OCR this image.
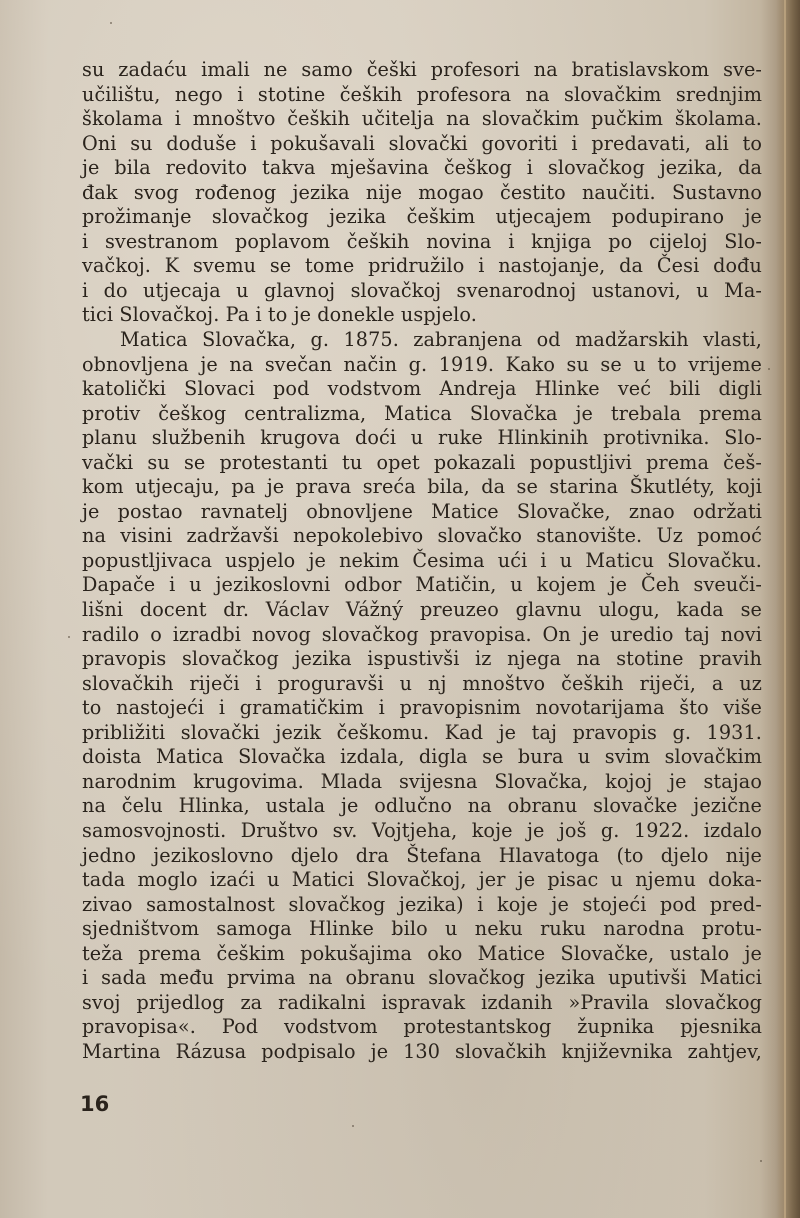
su zadaću imali ne samo češki profesori na bratislavskom sve-
učilištu, nego i stotine čeških profesora na slovačkim srednjim
školama i mnoštvo čeških učitelja na slovačkim pučkim školama.
Oni su doduše i pokušavali slovački govoriti i predavati, ali to
je bila redovito takva mješavina češkog i slovačkog jezika, da
đak svog rođenog jezika nije mogao čestito naučiti. Sustavno
prožimanje slovačkog jezika češkim utjecajem podupirano je
i svestranom poplavom čeških novina i knjiga po cijeloj Slo-
vačkoj. K svemu se tome pridružilo i nastojanje, da Česi dođu
i do utjecaja u glavnoj slovačkoj svenarodnoj ustanovi, u Ma-
tici Slovačkoj. Pa i to je donekle uspjelo.
Matica Slovačka, g. 1875. zabranjena od madžarskih vlasti,
obnovljena je na svečan način g. 1919. Kako su se u to vrijeme
katolički Slovaci pod vodstvom Andreja Hlinke već bili digli
protiv češkog centralizma, Matica Slovačka je trebala prema
planu službenih krugova doći u ruke Hlinkinih protivnika. Slo-
vački su se protestanti tu opet pokazali popustljivi prema češ-
kom utjecaju, pa je prava sreća bila, da se starina Škutléty, koji
je postao ravnatelj obnovljene Matice Slovačke, znao održati
na visini zadržavši nepokolebivo slovačko stanovište. Uz pomoć
popustljivaca uspjelo je nekim Česima ući i u Maticu Slovačku.
Dapače i u jezikoslovni odbor Matičin, u kojem je Čeh sveuči-
lišni docent dr. Václav Vážný preuzeo glavnu ulogu, kada se
radilo o izradbi novog slovačkog pravopisa. On je uredio taj novi
pravopis slovačkog jezika ispustivši iz njega na stotine pravih
slovačkih riječi i proguravši u nj mnoštvo čeških riječi, a uz
to nastojeći i gramatičkim i pravopisnim novotarijama što više
približiti slovački jezik češkomu. Kad je taj pravopis g. 1931.
doista Matica Slovačka izdala, digla se bura u svim slovačkim
narodnim krugovima. Mlada svijesna Slovačka, kojoj je stajao
na čelu Hlinka, ustala je odlučno na obranu slovačke jezične
samosvojnosti. Društvo sv. Vojtjeha, koje je još g. 1922. izdalo
jedno jezikoslovno djelo dra Štefana Hlavatoga (to djelo nije
tada moglo izaći u Matici Slovačkoj, jer je pisac u njemu doka-
zivao samostalnost slovačkog jezika) i koje je stojeći pod pred-
sjedništvom samoga Hlinke bilo u neku ruku narodna protu-
teža prema češkim pokušajima oko Matice Slovačke, ustalo je
i sada među prvima na obranu slovačkog jezika uputivši Matici
svoj prijedlog za radikalni ispravak izdanih »Pravila slovačkog
pravopisa«. Pod vodstvom protestantskog župnika pjesnika
Martina Rázusa podpisalo je 130 slovačkih književnika zahtjev,
16
